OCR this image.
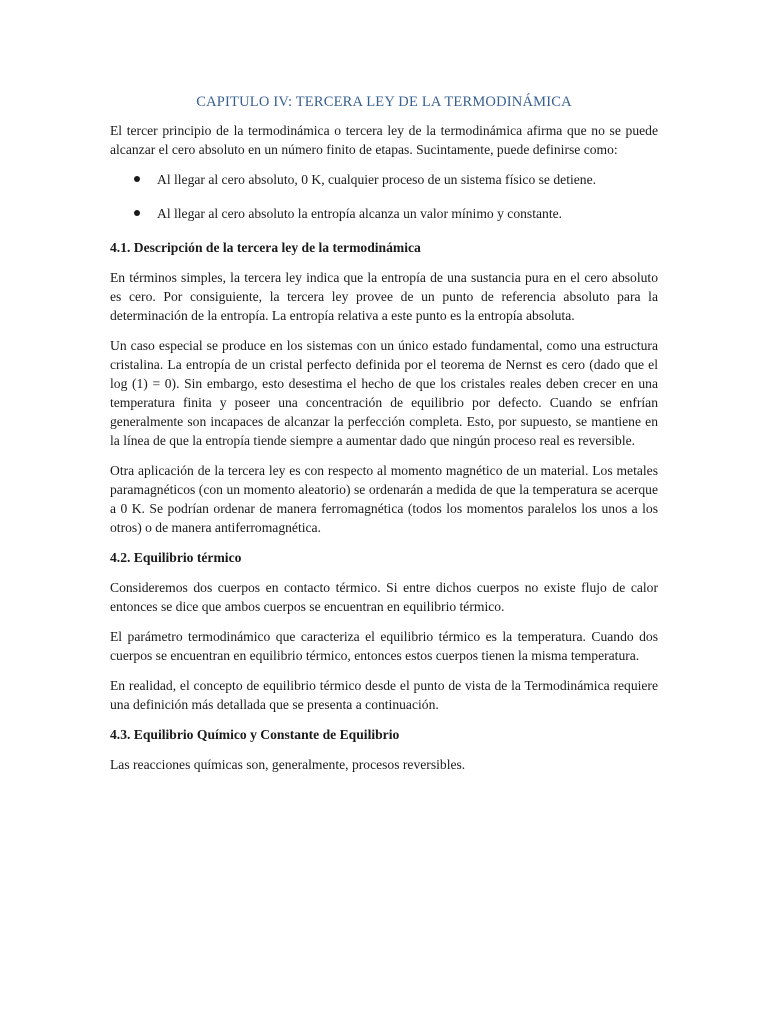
CAPITULO IV: TERCERA LEY DE LA TERMODINÁMICA

El tercer principio de la termodinámica o tercera ley de la termodinámica afirma que no se puede alcanzar el cero absoluto en un número finito de etapas. Sucintamente, puede definirse como:

Al llegar al cero absoluto, 0 K, cualquier proceso de un sistema físico se detiene.
Al llegar al cero absoluto la entropía alcanza un valor mínimo y constante.
4.1. Descripción de la tercera ley de la termodinámica

En términos simples, la tercera ley indica que la entropía de una sustancia pura en el cero absoluto es cero. Por consiguiente, la tercera ley provee de un punto de referencia absoluto para la determinación de la entropía. La entropía relativa a este punto es la entropía absoluta.

Un caso especial se produce en los sistemas con un único estado fundamental, como una estructura cristalina. La entropía de un cristal perfecto definida por el teorema de Nernst es cero (dado que el log (1) = 0). Sin embargo, esto desestima el hecho de que los cristales reales deben crecer en una temperatura finita y poseer una concentración de equilibrio por defecto. Cuando se enfrían generalmente son incapaces de alcanzar la perfección completa. Esto, por supuesto, se mantiene en la línea de que la entropía tiende siempre a aumentar dado que ningún proceso real es reversible.

Otra aplicación de la tercera ley es con respecto al momento magnético de un material. Los metales paramagnéticos (con un momento aleatorio) se ordenarán a medida de que la temperatura se acerque a 0 K. Se podrían ordenar de manera ferromagnética (todos los momentos paralelos los unos a los otros) o de manera antiferromagnética.

4.2. Equilibrio térmico

Consideremos dos cuerpos en contacto térmico. Si entre dichos cuerpos no existe flujo de calor entonces se dice que ambos cuerpos se encuentran en equilibrio térmico.

El parámetro termodinámico que caracteriza el equilibrio térmico es la temperatura. Cuando dos cuerpos se encuentran en equilibrio térmico, entonces estos cuerpos tienen la misma temperatura.

En realidad, el concepto de equilibrio térmico desde el punto de vista de la Termodinámica requiere una definición más detallada que se presenta a continuación.

4.3. Equilibrio Químico y Constante de Equilibrio

Las reacciones químicas son, generalmente, procesos reversibles.
